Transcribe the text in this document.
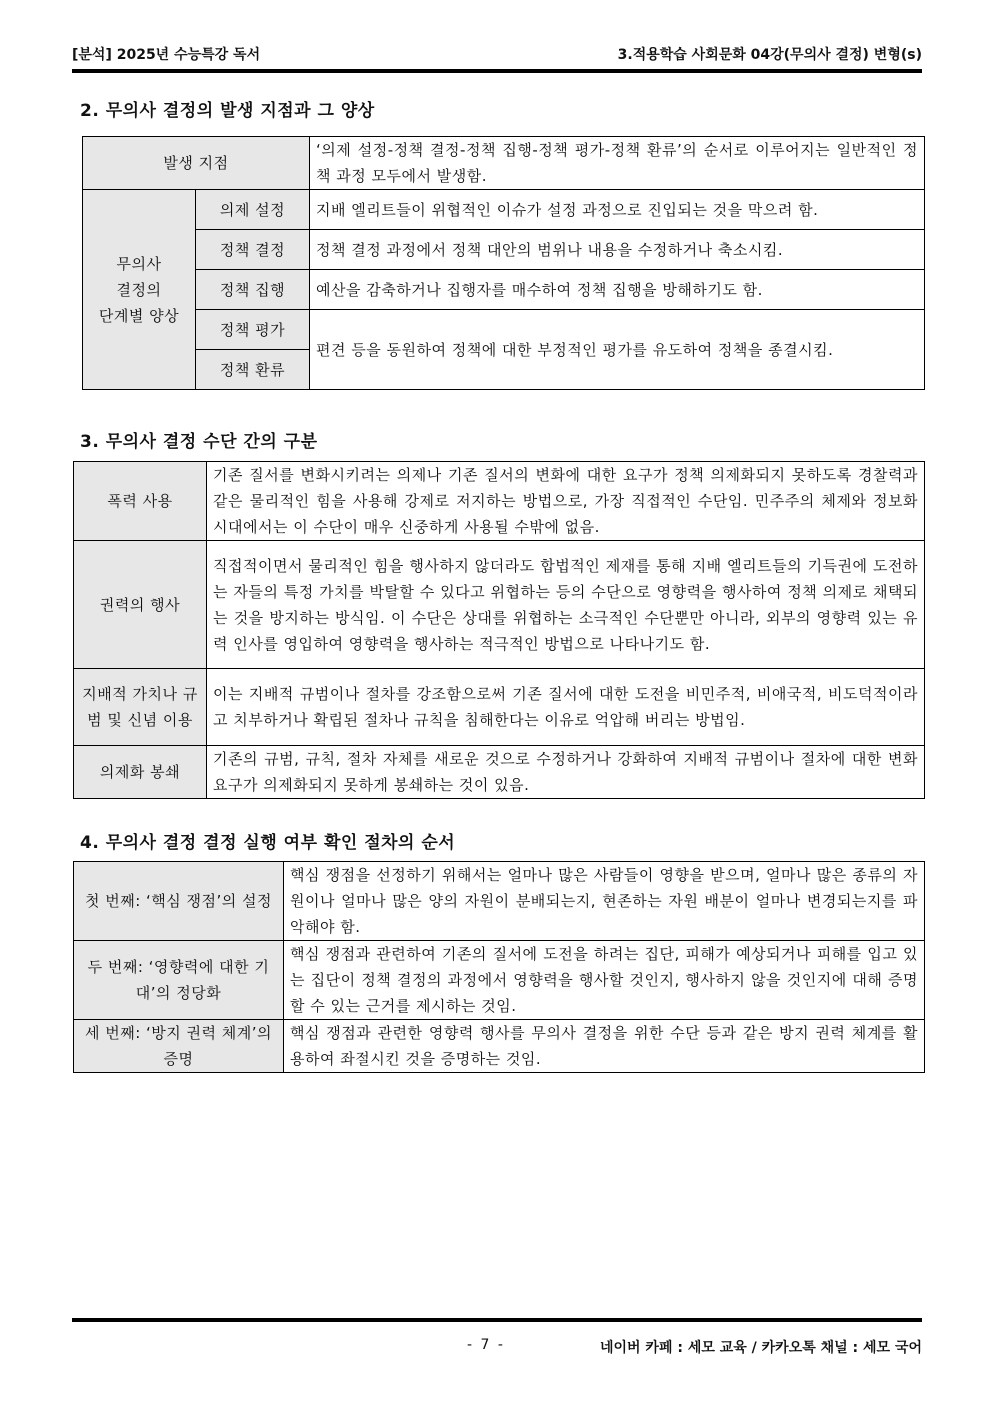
[분석] 2025년 수능특강 독서	3.적용학습 사회문화 04강(무의사 결정) 변형(s)
2. 무의사 결정의 발생 지점과 그 양상
발생 지점		‘의제 설정-정책 결정-정책 집행-정책 평가-정책 환류’의 순서로 이루어지는 일반적인 정책 과정 모두에서 발생함.
무의사
결정의
단계별 양상	의제 설정	지배 엘리트들이 위협적인 이슈가 설정 과정으로 진입되는 것을 막으려 함.
	정책 결정	정책 결정 과정에서 정책 대안의 범위나 내용을 수정하거나 축소시킴.
	정책 집행	예산을 감축하거나 집행자를 매수하여 정책 집행을 방해하기도 함.
	정책 평가	편견 등을 동원하여 정책에 대한 부정적인 평가를 유도하여 정책을 종결시킴.
	정책 환류	
3. 무의사 결정 수단 간의 구분
폭력 사용	기존 질서를 변화시키려는 의제나 기존 질서의 변화에 대한 요구가 정책 의제화되지 못하도록 경찰력과 같은 물리적인 힘을 사용해 강제로 저지하는 방법으로, 가장 직접적인 수단임. 민주주의 체제와 정보화 시대에서는 이 수단이 매우 신중하게 사용될 수밖에 없음.
권력의 행사	직접적이면서 물리적인 힘을 행사하지 않더라도 합법적인 제재를 통해 지배 엘리트들의 기득권에 도전하는 자들의 특정 가치를 박탈할 수 있다고 위협하는 등의 수단으로 영향력을 행사하여 정책 의제로 채택되는 것을 방지하는 방식임. 이 수단은 상대를 위협하는 소극적인 수단뿐만 아니라, 외부의 영향력 있는 유력 인사를 영입하여 영향력을 행사하는 적극적인 방법으로 나타나기도 함.
지배적 가치나 규범 및 신념 이용	이는 지배적 규범이나 절차를 강조함으로써 기존 질서에 대한 도전을 비민주적, 비애국적, 비도덕적이라고 치부하거나 확립된 절차나 규칙을 침해한다는 이유로 억압해 버리는 방법임.
의제화 봉쇄	기존의 규범, 규칙, 절차 자체를 새로운 것으로 수정하거나 강화하여 지배적 규범이나 절차에 대한 변화 요구가 의제화되지 못하게 봉쇄하는 것이 있음.
4. 무의사 결정 결정 실행 여부 확인 절차의 순서
첫 번째: ‘핵심 쟁점’의 설정	핵심 쟁점을 선정하기 위해서는 얼마나 많은 사람들이 영향을 받으며, 얼마나 많은 종류의 자원이나 얼마나 많은 양의 자원이 분배되는지, 현존하는 자원 배분이 얼마나 변경되는지를 파악해야 함.
두 번째: ‘영향력에 대한 기대’의 정당화	핵심 쟁점과 관련하여 기존의 질서에 도전을 하려는 집단, 피해가 예상되거나 피해를 입고 있는 집단이 정책 결정의 과정에서 영향력을 행사할 것인지, 행사하지 않을 것인지에 대해 증명할 수 있는 근거를 제시하는 것임.
세 번째: ‘방지 권력 체계’의 증명	핵심 쟁점과 관련한 영향력 행사를 무의사 결정을 위한 수단 등과 같은 방지 권력 체계를 활용하여 좌절시킨 것을 증명하는 것임.
- 7 -	네이버 카페 : 세모 교육 / 카카오톡 채널 : 세모 국어
